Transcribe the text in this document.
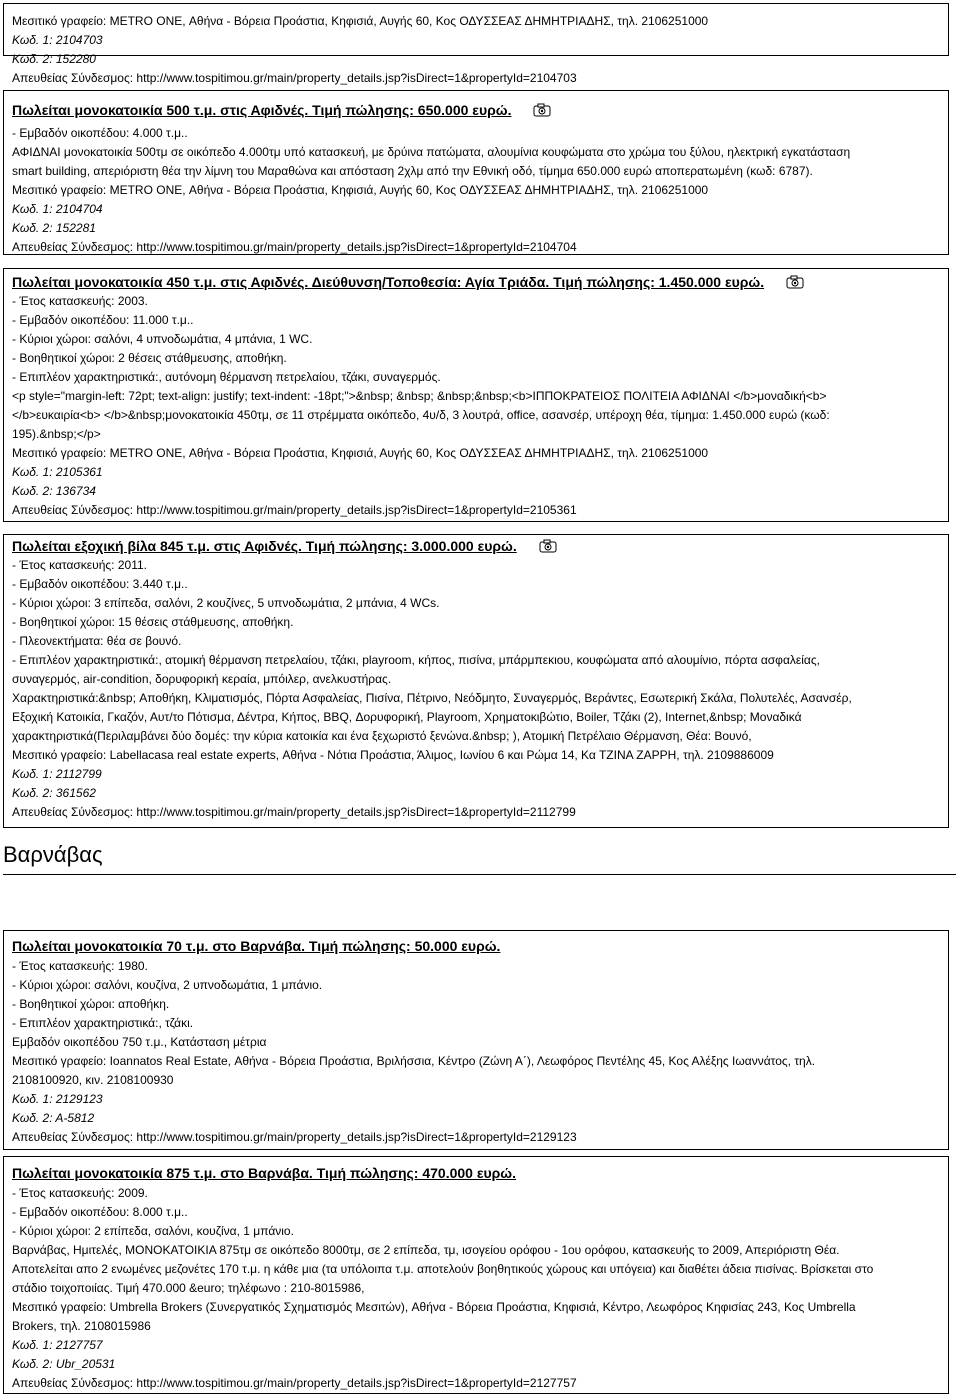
Μεσιτικό γραφείο: METRO ONE, Αθήνα - Βόρεια Προάστια, Κηφισιά, Αυγής 60, Κος ΟΔΥΣΣΕΑΣ ΔΗΜΗΤΡΙΑΔΗΣ, τηλ. 2106251000
Κωδ. 1: 2104703
Κωδ. 2: 152280
Απευθείας Σύνδεσμος: http://www.tospitimou.gr/main/property_details.jsp?isDirect=1&propertyId=2104703
Πωλείται μονοκατοικία 500 τ.μ. στις Αφιδνές. Τιμή πώλησης: 650.000 ευρώ.
- Εμβαδόν οικοπέδου: 4.000 τ.μ..
ΑΦΙΔΝΑΙ μονοκατοικία 500τμ σε οικόπεδο 4.000τμ υπό κατασκευή, με δρύινα πατώματα, αλουμίνια κουφώματα στο χρώμα του ξύλου, ηλεκτρική εγκατάσταση
smart building, απεριόριστη θέα την λίμνη του Μαραθώνα και απόσταση 2χλμ από την Εθνική οδό, τίμημα 650.000 ευρώ αποπερατωμένη (κωδ: 6787).
Μεσιτικό γραφείο: METRO ONE, Αθήνα - Βόρεια Προάστια, Κηφισιά, Αυγής 60, Κος ΟΔΥΣΣΕΑΣ ΔΗΜΗΤΡΙΑΔΗΣ, τηλ. 2106251000
Κωδ. 1: 2104704
Κωδ. 2: 152281
Απευθείας Σύνδεσμος: http://www.tospitimou.gr/main/property_details.jsp?isDirect=1&propertyId=2104704
Πωλείται μονοκατοικία 450 τ.μ. στις Αφιδνές. Διεύθυνση/Τοποθεσία: Αγία Τριάδα. Τιμή πώλησης: 1.450.000 ευρώ.
- Έτος κατασκευής: 2003.
- Εμβαδόν οικοπέδου: 11.000 τ.μ..
- Κύριοι χώροι: σαλόνι, 4 υπνοδωμάτια, 4 μπάνια, 1 WC.
- Βοηθητικοί χώροι: 2 θέσεις στάθμευσης, αποθήκη.
- Επιπλέον χαρακτηριστικά:, αυτόνομη θέρμανση πετρελαίου, τζάκι, συναγερμός.
<p style="margin-left: 72pt; text-align: justify; text-indent: -18pt;">&nbsp; &nbsp; &nbsp;&nbsp;<b>ΙΠΠΟΚΡΑΤΕΙΟΣ ΠΟΛΙΤΕΙΑ ΑΦΙΔΝΑΙ </b>μοναδική<b>
</b>ευκαιρία<b> </b>&nbsp;μονοκατοικία 450τμ, σε 11 στρέμματα οικόπεδο, 4υ/δ, 3 λουτρά, office, ασανσέρ, υπέροχη θέα, τίμημα: 1.450.000 ευρώ (κωδ:
195).&nbsp;</p>
Μεσιτικό γραφείο: METRO ONE, Αθήνα - Βόρεια Προάστια, Κηφισιά, Αυγής 60, Κος ΟΔΥΣΣΕΑΣ ΔΗΜΗΤΡΙΑΔΗΣ, τηλ. 2106251000
Κωδ. 1: 2105361
Κωδ. 2: 136734
Απευθείας Σύνδεσμος: http://www.tospitimou.gr/main/property_details.jsp?isDirect=1&propertyId=2105361
Πωλείται εξοχική βίλα 845 τ.μ. στις Αφιδνές. Τιμή πώλησης: 3.000.000 ευρώ.
- Έτος κατασκευής: 2011.
- Εμβαδόν οικοπέδου: 3.440 τ.μ..
- Κύριοι χώροι: 3 επίπεδα, σαλόνι, 2 κουζίνες, 5 υπνοδωμάτια, 2 μπάνια, 4 WCs.
- Βοηθητικοί χώροι: 15 θέσεις στάθμευσης, αποθήκη.
- Πλεονεκτήματα: θέα σε βουνό.
- Επιπλέον χαρακτηριστικά:, ατομική θέρμανση πετρελαίου, τζάκι, playroom, κήπος, πισίνα, μπάρμπεκιου, κουφώματα από αλουμίνιο, πόρτα ασφαλείας,
συναγερμός, air-condition, δορυφορική κεραία, μπόιλερ, ανελκυστήρας.
Χαρακτηριστικά:&nbsp; Αποθήκη, Κλιματισμός, Πόρτα Ασφαλείας, Πισίνα, Πέτρινο, Νεόδμητο, Συναγερμός, Βεράντες, Εσωτερική Σκάλα, Πολυτελές, Ασανσέρ,
Εξοχική Κατοικία, Γκαζόν, Αυτ/το Πότισμα, Δέντρα, Κήπος, BBQ, Δορυφορική, Playroom, Χρηματοκιβώτιο, Boiler, Τζάκι (2), Internet,&nbsp; Μοναδικά
χαρακτηριστικά(Περιλαμβάνει δύο δομές: την κύρια κατοικία και ένα ξεχωριστό ξενώνα.&nbsp; ), Ατομική Πετρέλαιο Θέρμανση, Θέα: Βουνό,
Μεσιτικό γραφείο: Labellacasa real estate experts, Αθήνα - Νότια Προάστια, Άλιμος, Ιωνίου 6 και Ρώμα 14, Κα ΤΖΙΝΑ ΖΑΡΡΗ, τηλ. 2109886009
Κωδ. 1: 2112799
Κωδ. 2: 361562
Απευθείας Σύνδεσμος: http://www.tospitimou.gr/main/property_details.jsp?isDirect=1&propertyId=2112799
Βαρνάβας
Πωλείται μονοκατοικία 70 τ.μ. στο Βαρνάβα. Τιμή πώλησης: 50.000 ευρώ.
- Έτος κατασκευής: 1980.
- Κύριοι χώροι: σαλόνι, κουζίνα, 2 υπνοδωμάτια, 1 μπάνιο.
- Βοηθητικοί χώροι: αποθήκη.
- Επιπλέον χαρακτηριστικά:, τζάκι.
Εμβαδόν οικοπέδου 750 τ.μ., Κατάσταση μέτρια
Μεσιτικό γραφείο: Ioannatos Real Estate, Αθήνα - Βόρεια Προάστια, Βριλήσσια, Κέντρο (Ζώνη Α΄), Λεωφόρος Πεντέλης 45, Κος Αλέξης Ιωαννάτος, τηλ.
2108100920, κιν. 2108100930
Κωδ. 1: 2129123
Κωδ. 2: Α-5812
Απευθείας Σύνδεσμος: http://www.tospitimou.gr/main/property_details.jsp?isDirect=1&propertyId=2129123
Πωλείται μονοκατοικία 875 τ.μ. στο Βαρνάβα. Τιμή πώλησης: 470.000 ευρώ.
- Έτος κατασκευής: 2009.
- Εμβαδόν οικοπέδου: 8.000 τ.μ..
- Κύριοι χώροι: 2 επίπεδα, σαλόνι, κουζίνα, 1 μπάνιο.
Βαρνάβας, Ημιτελές, ΜΟΝΟΚΑΤΟΙΚΙΑ 875τμ σε οικόπεδο 8000τμ, σε 2 επίπεδα, τμ, ισογείου ορόφου - 1ου ορόφου, κατασκευής το 2009, Απεριόριστη Θέα.
Αποτελείται απο 2 ενωμένες μεζονέτες 170 τ.μ. η κάθε μια (τα υπόλοιπα τ.μ. αποτελούν βοηθητικούς χώρους και υπόγεια) και διαθέτει άδεια πισίνας. Βρίσκεται στο
στάδιο τοιχοποιίας. Τιμή 470.000 &euro; τηλέφωνο : 210-8015986,
Μεσιτικό γραφείο: Umbrella Brokers (Συνεργατικός Σχηματισμός Μεσιτών), Αθήνα - Βόρεια Προάστια, Κηφισιά, Κέντρο, Λεωφόρος Κηφισίας 243, Κος Umbrella
Brokers, τηλ. 2108015986
Κωδ. 1: 2127757
Κωδ. 2: Ubr_20531
Απευθείας Σύνδεσμος: http://www.tospitimou.gr/main/property_details.jsp?isDirect=1&propertyId=2127757
